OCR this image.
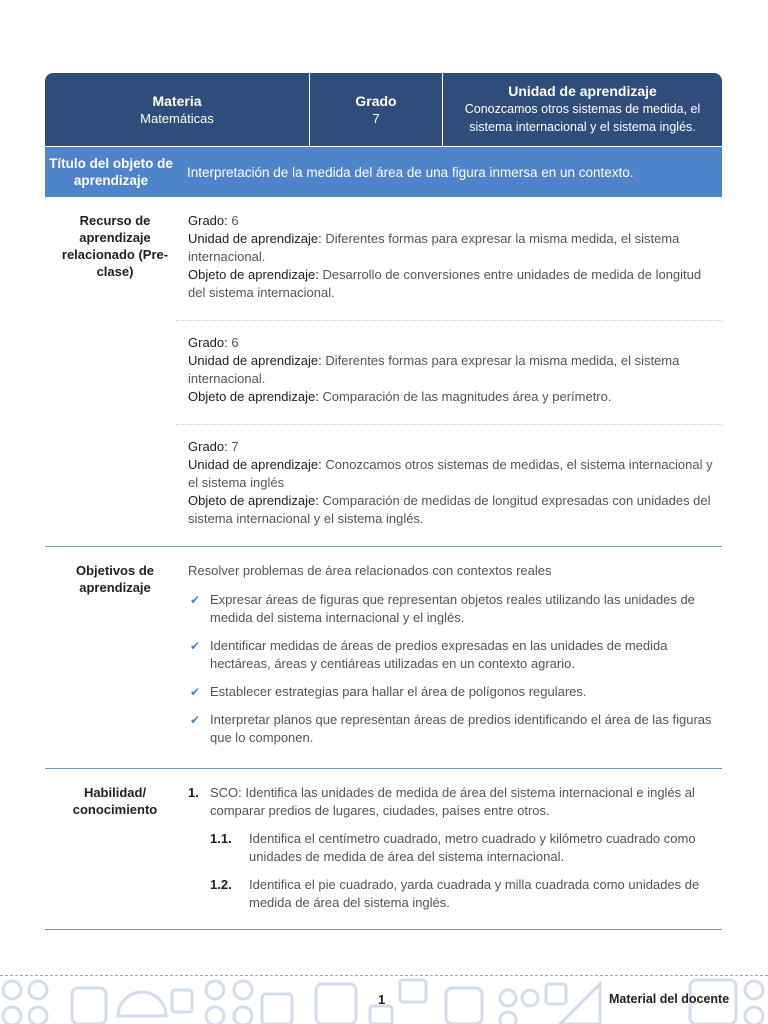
Materia
Matemáticas
Grado
7
Unidad de aprendizaje
Conozcamos otros sistemas de medida, el sistema internacional y el sistema inglés.
Título del objeto de aprendizaje
Interpretación de la medida del área de una figura inmersa en un contexto.
Recurso de aprendizaje relacionado (Pre-clase)
Grado: 6
Unidad de aprendizaje: Diferentes formas para expresar la misma medida, el sistema internacional.
Objeto de aprendizaje: Desarrollo de conversiones entre unidades de medida de longitud del sistema internacional.
Grado: 6
Unidad de aprendizaje: Diferentes formas para expresar la misma medida, el sistema internacional.
Objeto de aprendizaje: Comparación de las magnitudes área y perímetro.
Grado: 7
Unidad de aprendizaje: Conozcamos otros sistemas de medidas, el sistema internacional y el sistema inglés
Objeto de aprendizaje: Comparación de medidas de longitud expresadas con unidades del sistema internacional y el sistema inglés.
Objetivos de aprendizaje
Resolver problemas de área relacionados con contextos reales
✔ Expresar áreas de figuras que representan objetos reales utilizando las unidades de medida del sistema internacional y el inglés.
✔ Identificar medidas de áreas de predios expresadas en las unidades de medida hectáreas, áreas y centiáreas utilizadas en un contexto agrario.
✔ Establecer estrategias para hallar el área de polígonos regulares.
✔ Interpretar planos que representan áreas de predios identificando el área de las figuras que lo componen.
Habilidad/ conocimiento
1. SCO: Identifica las unidades de medida de área del sistema internacional e inglés al comparar predios de lugares, ciudades, países entre otros.
1.1. Identifica el centímetro cuadrado, metro cuadrado y kilómetro cuadrado como unidades de medida de área del sistema internacional.
1.2. Identifica el pie cuadrado, yarda cuadrada y milla cuadrada como unidades de medida de área del sistema inglés.
1	Material del docente
